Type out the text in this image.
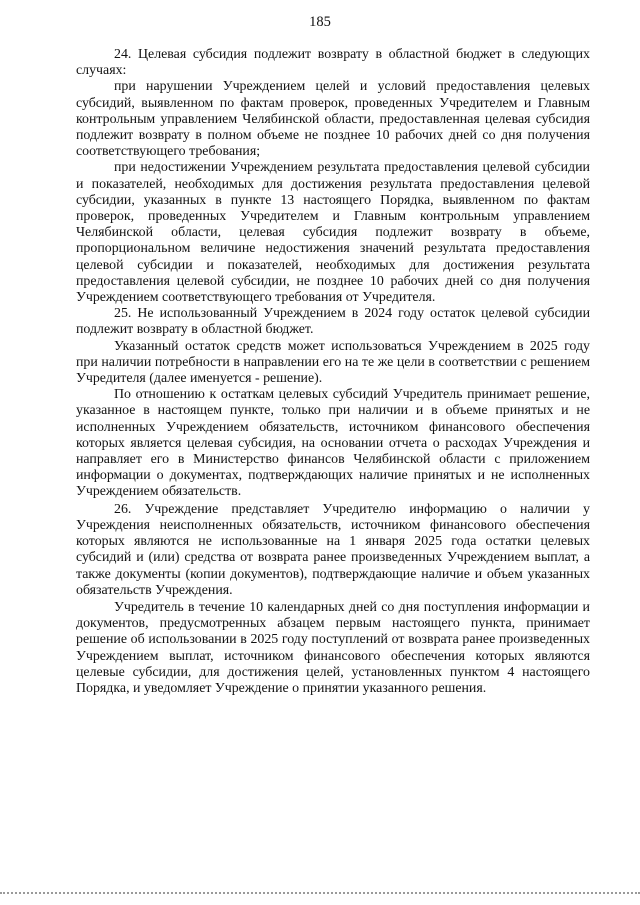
185

24. Целевая субсидия подлежит возврату в областной бюджет в следующих случаях:

при нарушении Учреждением целей и условий предоставления целевых субсидий, выявленном по фактам проверок, проведенных Учредителем и Главным контрольным управлением Челябинской области, предоставленная целевая субсидия подлежит возврату в полном объеме не позднее 10 рабочих дней со дня получения соответствующего требования;

при недостижении Учреждением результата предоставления целевой субсидии и показателей, необходимых для достижения результата предоставления целевой субсидии, указанных в пункте 13 настоящего Порядка, выявленном по фактам проверок, проведенных Учредителем и Главным контрольным управлением Челябинской области, целевая субсидия подлежит возврату в объеме, пропорциональном величине недостижения значений результата предоставления целевой субсидии и показателей, необходимых для достижения результата предоставления целевой субсидии, не позднее 10 рабочих дней со дня получения Учреждением соответствующего требования от Учредителя.

25. Не использованный Учреждением в 2024 году остаток целевой субсидии подлежит возврату в областной бюджет.

Указанный остаток средств может использоваться Учреждением в 2025 году при наличии потребности в направлении его на те же цели в соответствии с решением Учредителя (далее именуется - решение).

По отношению к остаткам целевых субсидий Учредитель принимает решение, указанное в настоящем пункте, только при наличии и в объеме принятых и не исполненных Учреждением обязательств, источником финансового обеспечения которых является целевая субсидия, на основании отчета о расходах Учреждения и направляет его в Министерство финансов Челябинской области с приложением информации о документах, подтверждающих наличие принятых и не исполненных Учреждением обязательств.

26. Учреждение представляет Учредителю информацию о наличии у Учреждения неисполненных обязательств, источником финансового обеспечения которых являются не использованные на 1 января 2025 года остатки целевых субсидий и (или) средства от возврата ранее произведенных Учреждением выплат, а также документы (копии документов), подтверждающие наличие и объем указанных обязательств Учреждения.

Учредитель в течение 10 календарных дней со дня поступления информации и документов, предусмотренных абзацем первым настоящего пункта, принимает решение об использовании в 2025 году поступлений от возврата ранее произведенных Учреждением выплат, источником финансового обеспечения которых являются целевые субсидии, для достижения целей, установленных пунктом 4 настоящего Порядка, и уведомляет Учреждение о принятии указанного решения.
